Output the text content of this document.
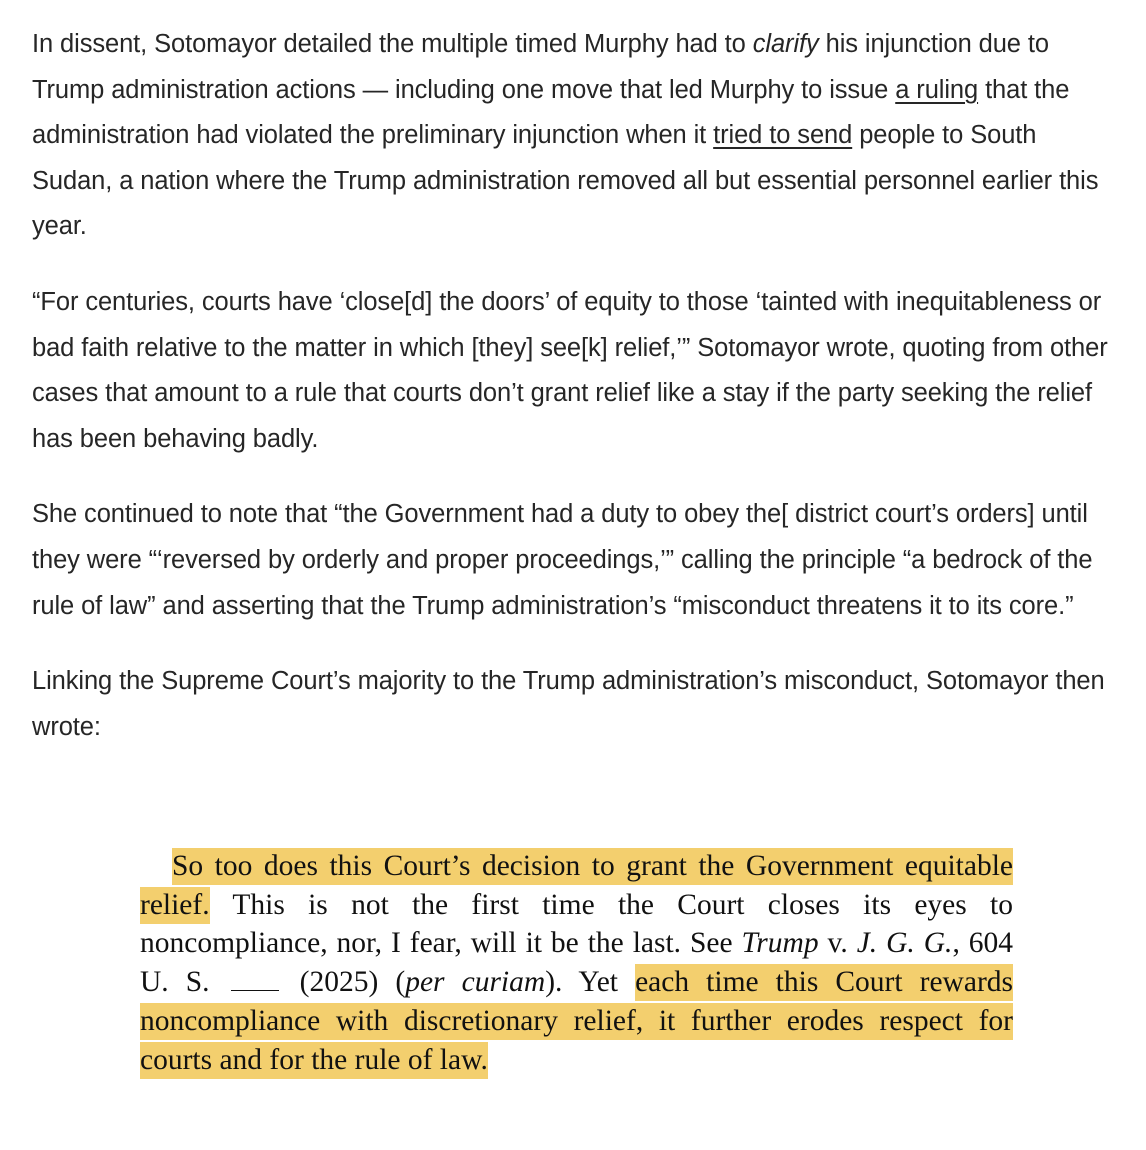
In dissent, Sotomayor detailed the multiple timed Murphy had to clarify his injunction due to Trump administration actions — including one move that led Murphy to issue a ruling that the administration had violated the preliminary injunction when it tried to send people to South Sudan, a nation where the Trump administration removed all but essential personnel earlier this year.

“For centuries, courts have ‘close[d] the doors’ of equity to those ‘tainted with inequitableness or bad faith relative to the matter in which [they] see[k] relief,’” Sotomayor wrote, quoting from other cases that amount to a rule that courts don’t grant relief like a stay if the party seeking the relief has been behaving badly.

She continued to note that “the Government had a duty to obey the[ district court’s orders] until they were “‘reversed by orderly and proper proceedings,’” calling the principle “a bedrock of the rule of law” and asserting that the Trump administration’s “misconduct threatens it to its core.”

Linking the Supreme Court’s majority to the Trump administration’s misconduct, Sotomayor then wrote:

So too does this Court’s decision to grant the Government equitable relief. This is not the first time the Court closes its eyes to noncompliance, nor, I fear, will it be the last. See Trump v. J. G. G., 604 U. S.  (2025) (per curiam). Yet each time this Court rewards noncompliance with discretionary relief, it further erodes respect for courts and for the rule of law.
